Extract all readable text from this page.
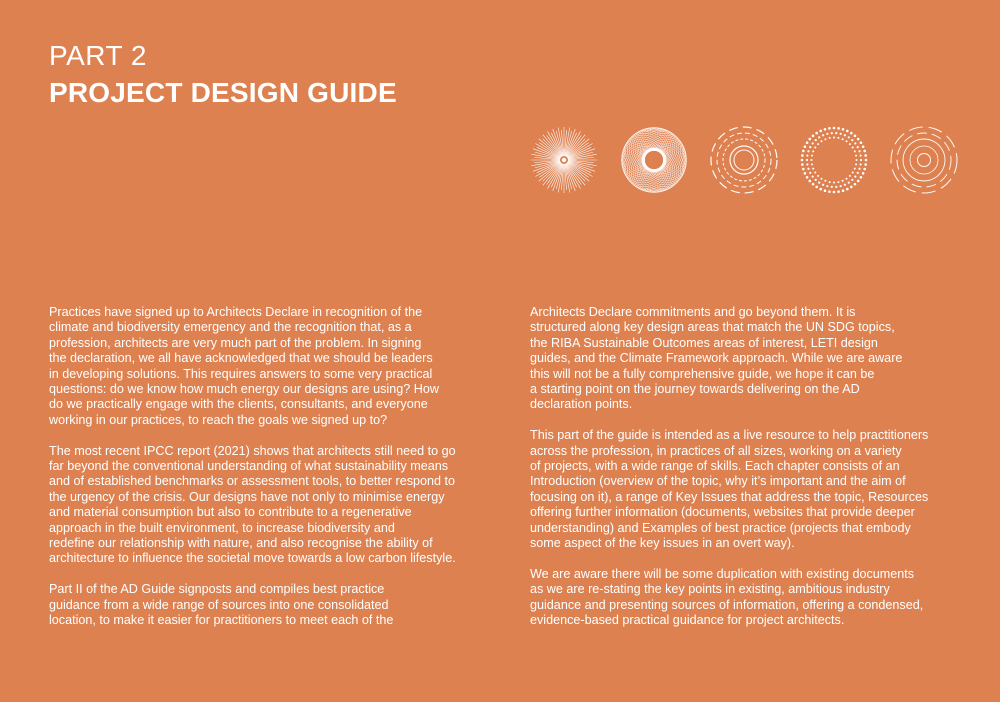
PART 2
PROJECT DESIGN GUIDE

Practices have signed up to Architects Declare in recognition of the
climate and biodiversity emergency and the recognition that, as a
profession, architects are very much part of the problem. In signing
the declaration, we all have acknowledged that we should be leaders
in developing solutions. This requires answers to some very practical
questions: do we know how much energy our designs are using? How
do we practically engage with the clients, consultants, and everyone
working in our practices, to reach the goals we signed up to?

The most recent IPCC report (2021) shows that architects still need to go
far beyond the conventional understanding of what sustainability means
and of established benchmarks or assessment tools, to better respond to
the urgency of the crisis. Our designs have not only to minimise energy
and material consumption but also to contribute to a regenerative
approach in the built environment, to increase biodiversity and
redefine our relationship with nature, and also recognise the ability of
architecture to influence the societal move towards a low carbon lifestyle.

Part II of the AD Guide signposts and compiles best practice
guidance from a wide range of sources into one consolidated
location, to make it easier for practitioners to meet each of the

Architects Declare commitments and go beyond them. It is
structured along key design areas that match the UN SDG topics,
the RIBA Sustainable Outcomes areas of interest, LETI design
guides, and the Climate Framework approach. While we are aware
this will not be a fully comprehensive guide, we hope it can be
a starting point on the journey towards delivering on the AD
declaration points.

This part of the guide is intended as a live resource to help practitioners
across the profession, in practices of all sizes, working on a variety
of projects, with a wide range of skills. Each chapter consists of an
Introduction (overview of the topic, why it’s important and the aim of
focusing on it), a range of Key Issues that address the topic, Resources
offering further information (documents, websites that provide deeper
understanding) and Examples of best practice (projects that embody
some aspect of the key issues in an overt way).

We are aware there will be some duplication with existing documents
as we are re-stating the key points in existing, ambitious industry
guidance and presenting sources of information, offering a condensed,
evidence-based practical guidance for project architects.
